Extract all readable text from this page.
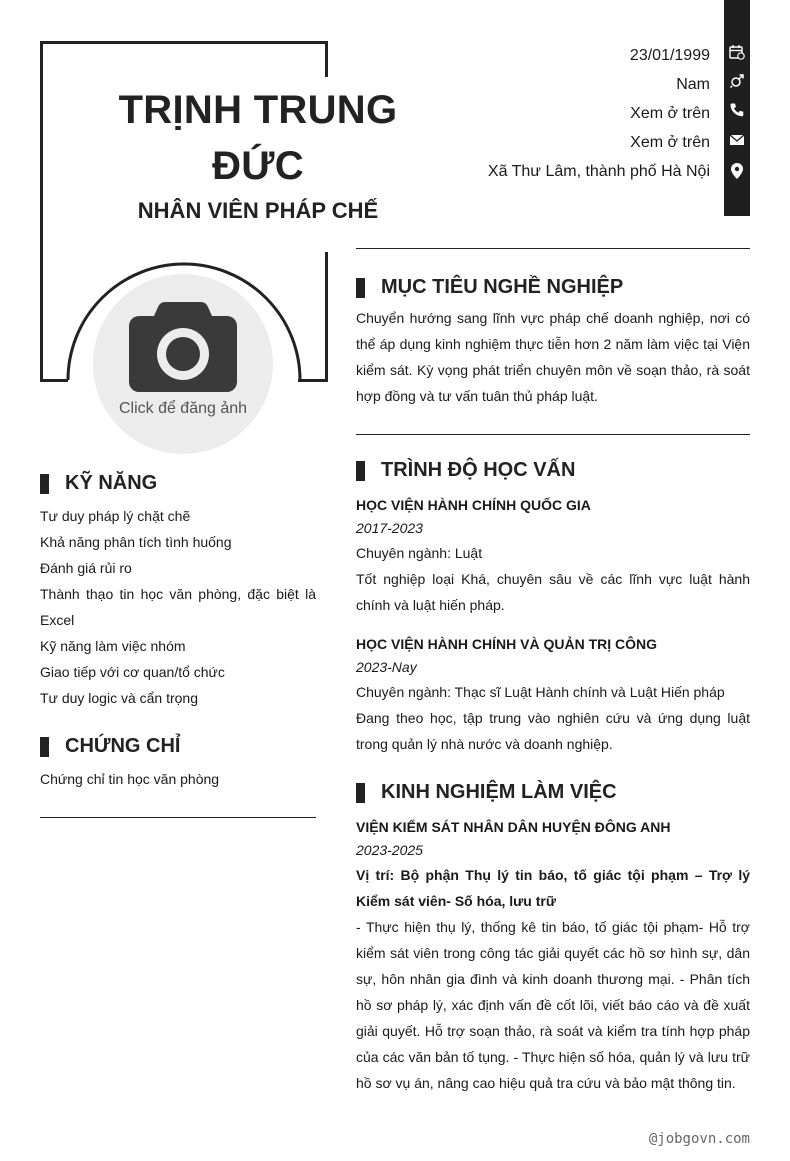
TRỊNH TRUNG
ĐỨC
NHÂN VIÊN PHÁP CHẾ
Click để đăng ảnh
23/01/1999
Nam
Xem ở trên
Xem ở trên
Xã Thư Lâm, thành phố Hà Nội
MỤC TIÊU NGHỀ NGHIỆP
Chuyển hướng sang lĩnh vực pháp chế doanh nghiệp, nơi có thể áp dụng kinh nghiệm thực tiễn hơn 2 năm làm việc tại Viện kiểm sát. Kỳ vọng phát triển chuyên môn về soạn thảo, rà soát hợp đồng và tư vấn tuân thủ pháp luật.
TRÌNH ĐỘ HỌC VẤN
HỌC VIỆN HÀNH CHÍNH QUỐC GIA
2017-2023
Chuyên ngành: Luật
Tốt nghiệp loại Khá, chuyên sâu về các lĩnh vực luật hành chính và luật hiến pháp.
HỌC VIỆN HÀNH CHÍNH VÀ QUẢN TRỊ CÔNG
2023-Nay
Chuyên ngành: Thạc sĩ Luật Hành chính và Luật Hiến pháp
Đang theo học, tập trung vào nghiên cứu và ứng dụng luật trong quản lý nhà nước và doanh nghiệp.
KINH NGHIỆM LÀM VIỆC
VIỆN KIỂM SÁT NHÂN DÂN HUYỆN ĐÔNG ANH
2023-2025
Vị trí: Bộ phận Thụ lý tin báo, tố giác tội phạm – Trợ lý Kiểm sát viên- Số hóa, lưu trữ
- Thực hiện thụ lý, thống kê tin báo, tố giác tội phạm- Hỗ trợ kiểm sát viên trong công tác giải quyết các hồ sơ hình sự, dân sự, hôn nhân gia đình và kinh doanh thương mại. - Phân tích hồ sơ pháp lý, xác định vấn đề cốt lõi, viết báo cáo và đề xuất giải quyết. Hỗ trợ soạn thảo, rà soát và kiểm tra tính hợp pháp của các văn bản tố tụng. - Thực hiện số hóa, quản lý và lưu trữ hồ sơ vụ án, nâng cao hiệu quả tra cứu và bảo mật thông tin.
KỸ NĂNG
Tư duy pháp lý chặt chẽ
Khả năng phân tích tình huống
Đánh giá rủi ro
Thành thạo tin học văn phòng, đặc biệt là Excel
Kỹ năng làm việc nhóm
Giao tiếp với cơ quan/tổ chức
Tư duy logic và cẩn trọng
CHỨNG CHỈ
Chứng chỉ tin học văn phòng
@jobgovn.com
